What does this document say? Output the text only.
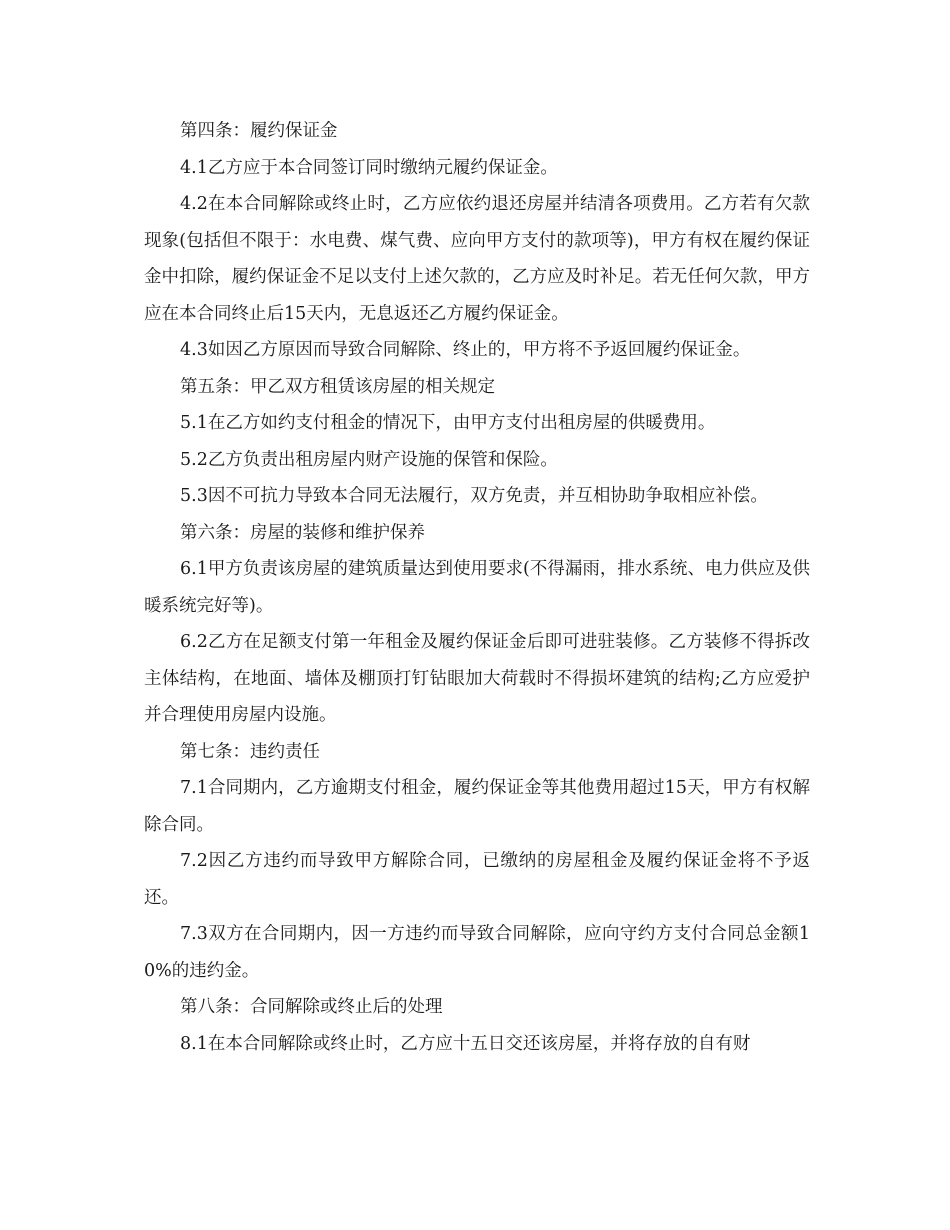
第四条：履约保证金

4.1乙方应于本合同签订同时缴纳元履约保证金。

4.2在本合同解除或终止时，乙方应依约退还房屋并结清各项费用。乙方若有欠款现象(包括但不限于：水电费、煤气费、应向甲方支付的款项等)，甲方有权在履约保证金中扣除，履约保证金不足以支付上述欠款的，乙方应及时补足。若无任何欠款，甲方应在本合同终止后15天内，无息返还乙方履约保证金。

4.3如因乙方原因而导致合同解除、终止的，甲方将不予返回履约保证金。

第五条：甲乙双方租赁该房屋的相关规定

5.1在乙方如约支付租金的情况下，由甲方支付出租房屋的供暖费用。

5.2乙方负责出租房屋内财产设施的保管和保险。

5.3因不可抗力导致本合同无法履行，双方免责，并互相协助争取相应补偿。

第六条：房屋的装修和维护保养

6.1甲方负责该房屋的建筑质量达到使用要求(不得漏雨，排水系统、电力供应及供暖系统完好等)。

6.2乙方在足额支付第一年租金及履约保证金后即可进驻装修。乙方装修不得拆改主体结构，在地面、墙体及棚顶打钉钻眼加大荷载时不得损坏建筑的结构;乙方应爱护并合理使用房屋内设施。

第七条：违约责任

7.1合同期内，乙方逾期支付租金，履约保证金等其他费用超过15天，甲方有权解除合同。

7.2因乙方违约而导致甲方解除合同，已缴纳的房屋租金及履约保证金将不予返还。

7.3双方在合同期内，因一方违约而导致合同解除，应向守约方支付合同总金额10%的违约金。

第八条：合同解除或终止后的处理

8.1在本合同解除或终止时，乙方应十五日交还该房屋，并将存放的自有财
